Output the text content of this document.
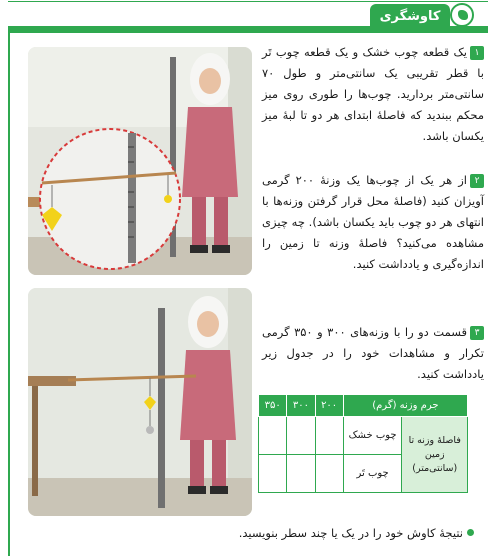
کاوشگری
۱یک قطعه چوب خشک و یک قطعه چوب تَر با قطر تقریبی یک سانتی‌متر و طول ۷۰ سانتی‌متر بردارید. چوب‌ها را طوری روی میز محکم ببندید که فاصلهٔ ابتدای هر دو تا لبهٔ میز یکسان باشد.
۲از هر یک از چوب‌ها یک وزنهٔ ۲۰۰ گرمی آویزان کنید (فاصلهٔ محل قرار گرفتن وزنه‌ها با انتهای هر دو چوب باید یکسان باشد). چه چیزی مشاهده می‌کنید؟ فاصلهٔ وزنه تا زمین را اندازه‌گیری و یادداشت کنید.
۳قسمت دو را با وزنه‌های ۳۰۰ و ۳۵۰ گرمی تکرار و مشاهدات خود را در جدول زیر یادداشت کنید.
جرم وزنه (گرم)		۲۰۰	۳۰۰	۳۵۰
فاصلهٔ وزنه تا زمین (سانتی‌متر)	چوب خشک			
	چوب تَر			
نتیجهٔ کاوش خود را در یک یا چند سطر بنویسید.
